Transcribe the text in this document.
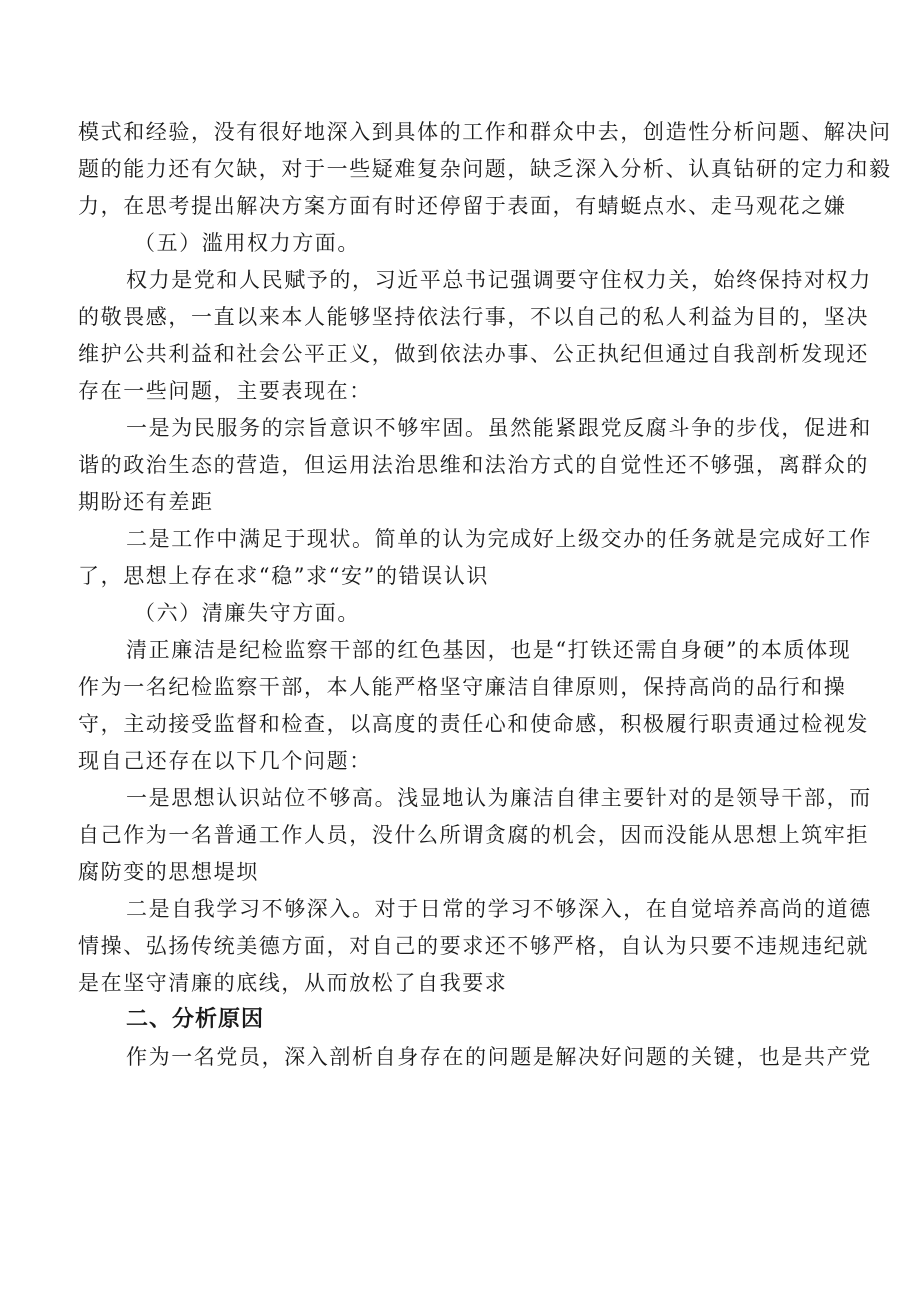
模式和经验，没有很好地深入到具体的工作和群众中去，创造性分析问题、解决问
题的能力还有欠缺，对于一些疑难复杂问题，缺乏深入分析、认真钻研的定力和毅
力，在思考提出解决方案方面有时还停留于表面，有蜻蜓点水、走马观花之嫌
（五）滥用权力方面。
权力是党和人民赋予的，习近平总书记强调要守住权力关，始终保持对权力
的敬畏感，一直以来本人能够坚持依法行事，不以自己的私人利益为目的，坚决
维护公共利益和社会公平正义，做到依法办事、公正执纪但通过自我剖析发现还
存在一些问题，主要表现在：
一是为民服务的宗旨意识不够牢固。虽然能紧跟党反腐斗争的步伐，促进和
谐的政治生态的营造，但运用法治思维和法治方式的自觉性还不够强，离群众的
期盼还有差距
二是工作中满足于现状。简单的认为完成好上级交办的任务就是完成好工作
了，思想上存在求“稳”求“安”的错误认识
（六）清廉失守方面。
清正廉洁是纪检监察干部的红色基因，也是“打铁还需自身硬”的本质体现
作为一名纪检监察干部，本人能严格坚守廉洁自律原则，保持高尚的品行和操
守，主动接受监督和检查，以高度的责任心和使命感，积极履行职责通过检视发
现自己还存在以下几个问题：
一是思想认识站位不够高。浅显地认为廉洁自律主要针对的是领导干部，而
自己作为一名普通工作人员，没什么所谓贪腐的机会，因而没能从思想上筑牢拒
腐防变的思想堤坝
二是自我学习不够深入。对于日常的学习不够深入，在自觉培养高尚的道德
情操、弘扬传统美德方面，对自己的要求还不够严格，自认为只要不违规违纪就
是在坚守清廉的底线，从而放松了自我要求
二、分析原因
作为一名党员，深入剖析自身存在的问题是解决好问题的关键，也是共产党
